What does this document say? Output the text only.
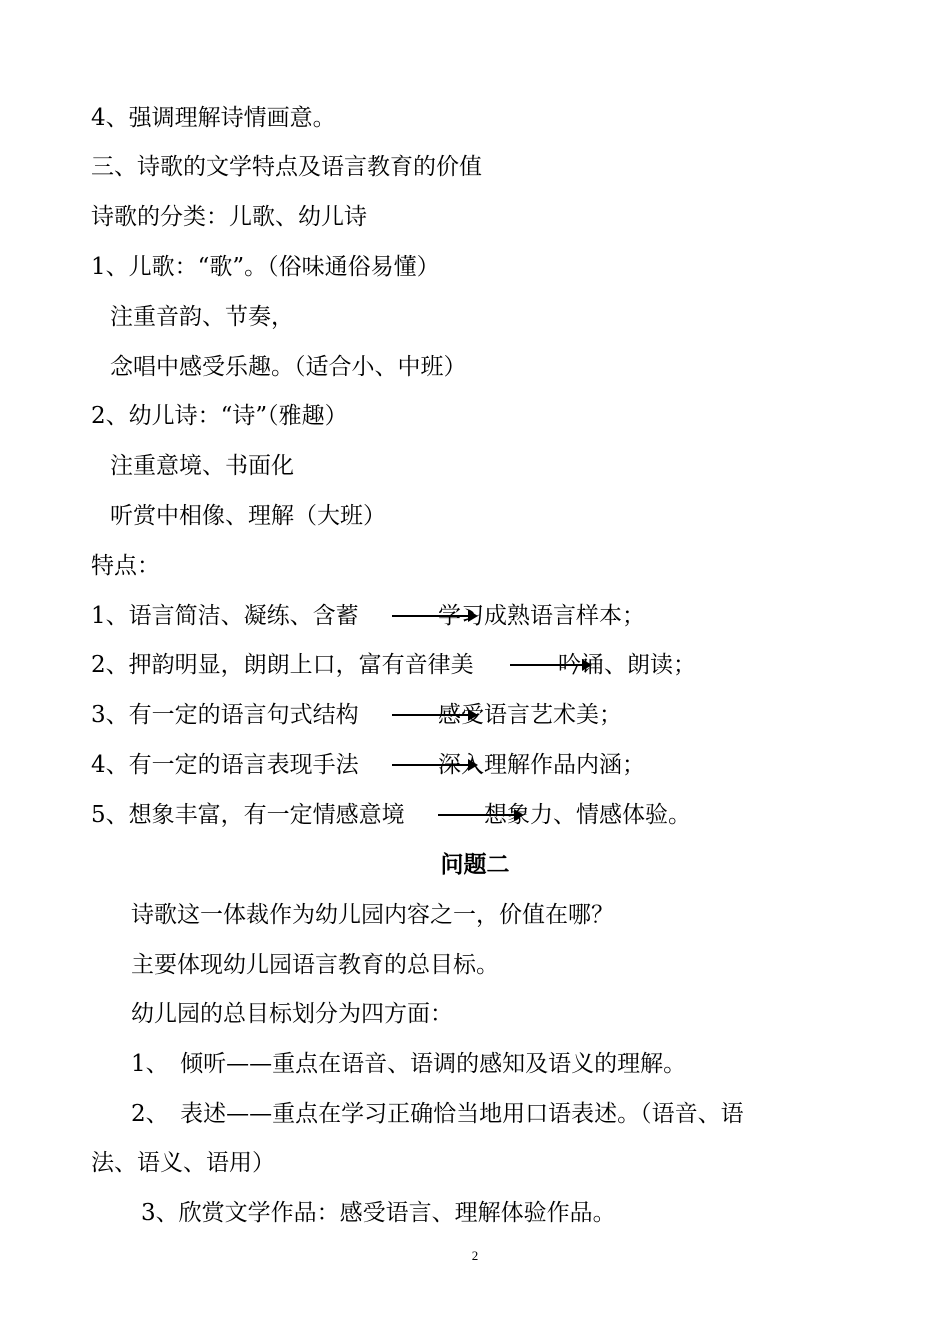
4、强调理解诗情画意。
三、诗歌的文学特点及语言教育的价值
诗歌的分类：儿歌、幼儿诗
1、儿歌：“歌”。（俗味通俗易懂）
注重音韵、节奏，
念唱中感受乐趣。（适合小、中班）
2、幼儿诗：“诗”（雅趣）
注重意境、书面化
听赏中相像、理解（大班）
特点：
1、语言简洁、凝练、含蓄	学习成熟语言样本；
2、押韵明显，朗朗上口，富有音律美	吟诵、朗读；
3、有一定的语言句式结构	感受语言艺术美；
4、有一定的语言表现手法	深入理解作品内涵；
5、想象丰富，有一定情感意境	想象力、情感体验。
问题二
诗歌这一体裁作为幼儿园内容之一，价值在哪？
主要体现幼儿园语言教育的总目标。
幼儿园的总目标划分为四方面：
1、　倾听——重点在语音、语调的感知及语义的理解。
2、　表述——重点在学习正确恰当地用口语表述。（语音、语
法、语义、语用）
3、欣赏文学作品：感受语言、理解体验作品。
2
